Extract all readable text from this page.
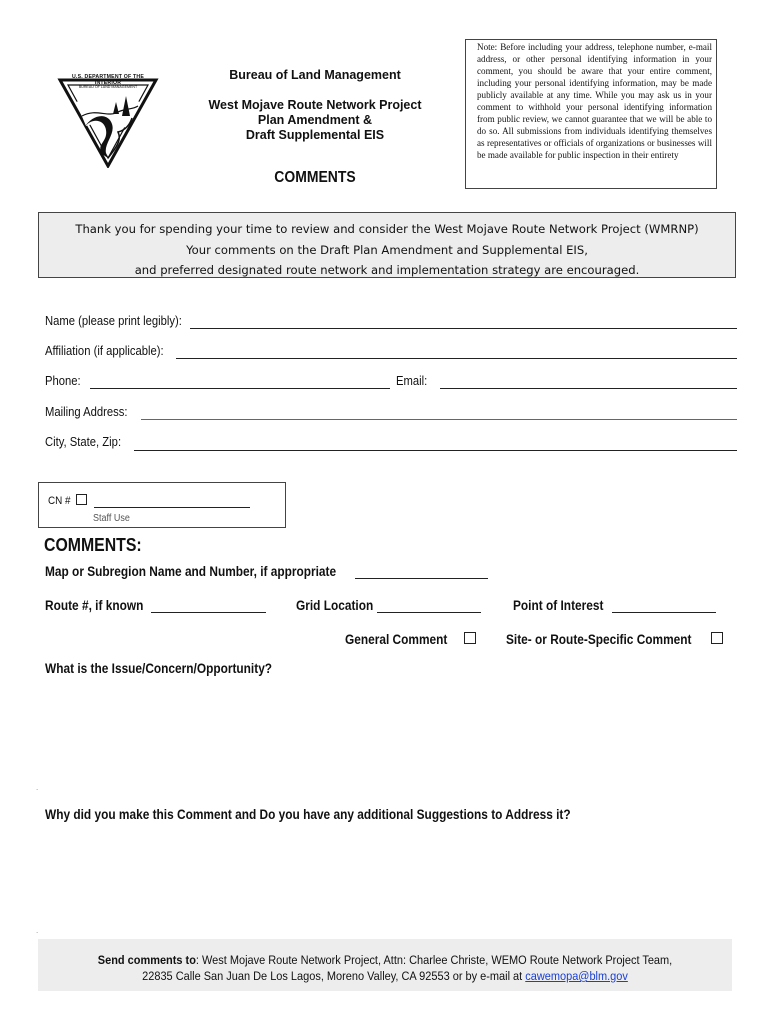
U.S. DEPARTMENT OF THE INTERIOR
BUREAU OF LAND MANAGEMENT
Bureau of Land Management
West Mojave Route Network Project
Plan Amendment &
Draft Supplemental EIS
COMMENTS
Note: Before including your address, telephone number, e-mail address, or other personal identifying information in your comment, you should be aware that your entire comment, including your personal identifying information, may be made publicly available at any time. While you may ask us in your comment to withhold your personal identifying information from public review, we cannot guarantee that we will be able to do so. All submissions from individuals identifying themselves as representatives or officials of organizations or businesses will be made available for public inspection in their entirety
Thank you for spending your time to review and consider the West Mojave Route Network Project (WMRNP)
Your comments on the Draft Plan Amendment and Supplemental EIS,
and preferred designated route network and implementation strategy are encouraged.
Name (please print legibly):
Affiliation (if applicable):
Phone:	Email:
Mailing Address:
City, State, Zip:
CN #
Staff Use
COMMENTS:
Map or Subregion Name and Number, if appropriate
Route #, if known	Grid Location	Point of Interest
General Comment	Site- or Route-Specific Comment
What is the Issue/Concern/Opportunity?
.
Why did you make this Comment and Do you have any additional Suggestions to Address it?
.
Send comments to: West Mojave Route Network Project, Attn: Charlee Christe, WEMO Route Network Project Team,
22835 Calle San Juan De Los Lagos, Moreno Valley, CA 92553 or by e-mail at cawemopa@blm.gov
